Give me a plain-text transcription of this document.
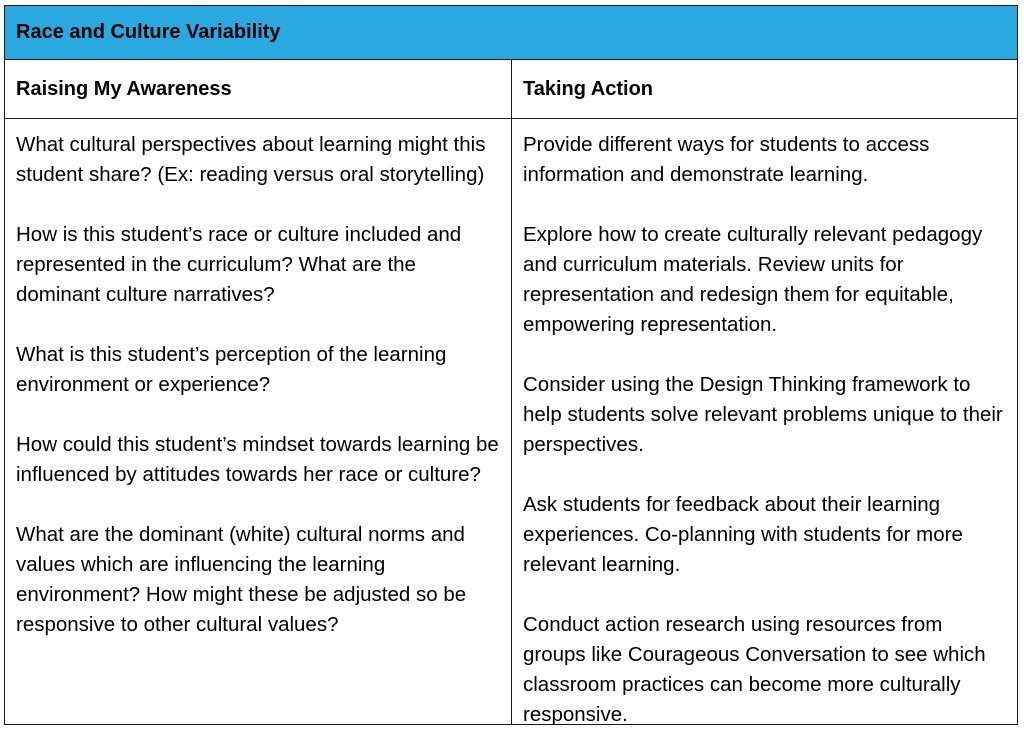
Race and Culture Variability
Raising My Awareness	Taking Action

What cultural perspectives about learning might this student share? (Ex: reading versus oral storytelling)

How is this student’s race or culture included and represented in the curriculum? What are the dominant culture narratives?

What is this student’s perception of the learning environment or experience?

How could this student’s mindset towards learning be influenced by attitudes towards her race or culture?

What are the dominant (white) cultural norms and values which are influencing the learning environment? How might these be adjusted so be responsive to other cultural values?

Provide different ways for students to access information and demonstrate learning.

Explore how to create culturally relevant pedagogy and curriculum materials. Review units for representation and redesign them for equitable, empowering representation.

Consider using the Design Thinking framework to help students solve relevant problems unique to their perspectives.

Ask students for feedback about their learning experiences. Co-planning with students for more relevant learning.

Conduct action research using resources from groups like Courageous Conversation to see which classroom practices can become more culturally responsive.
